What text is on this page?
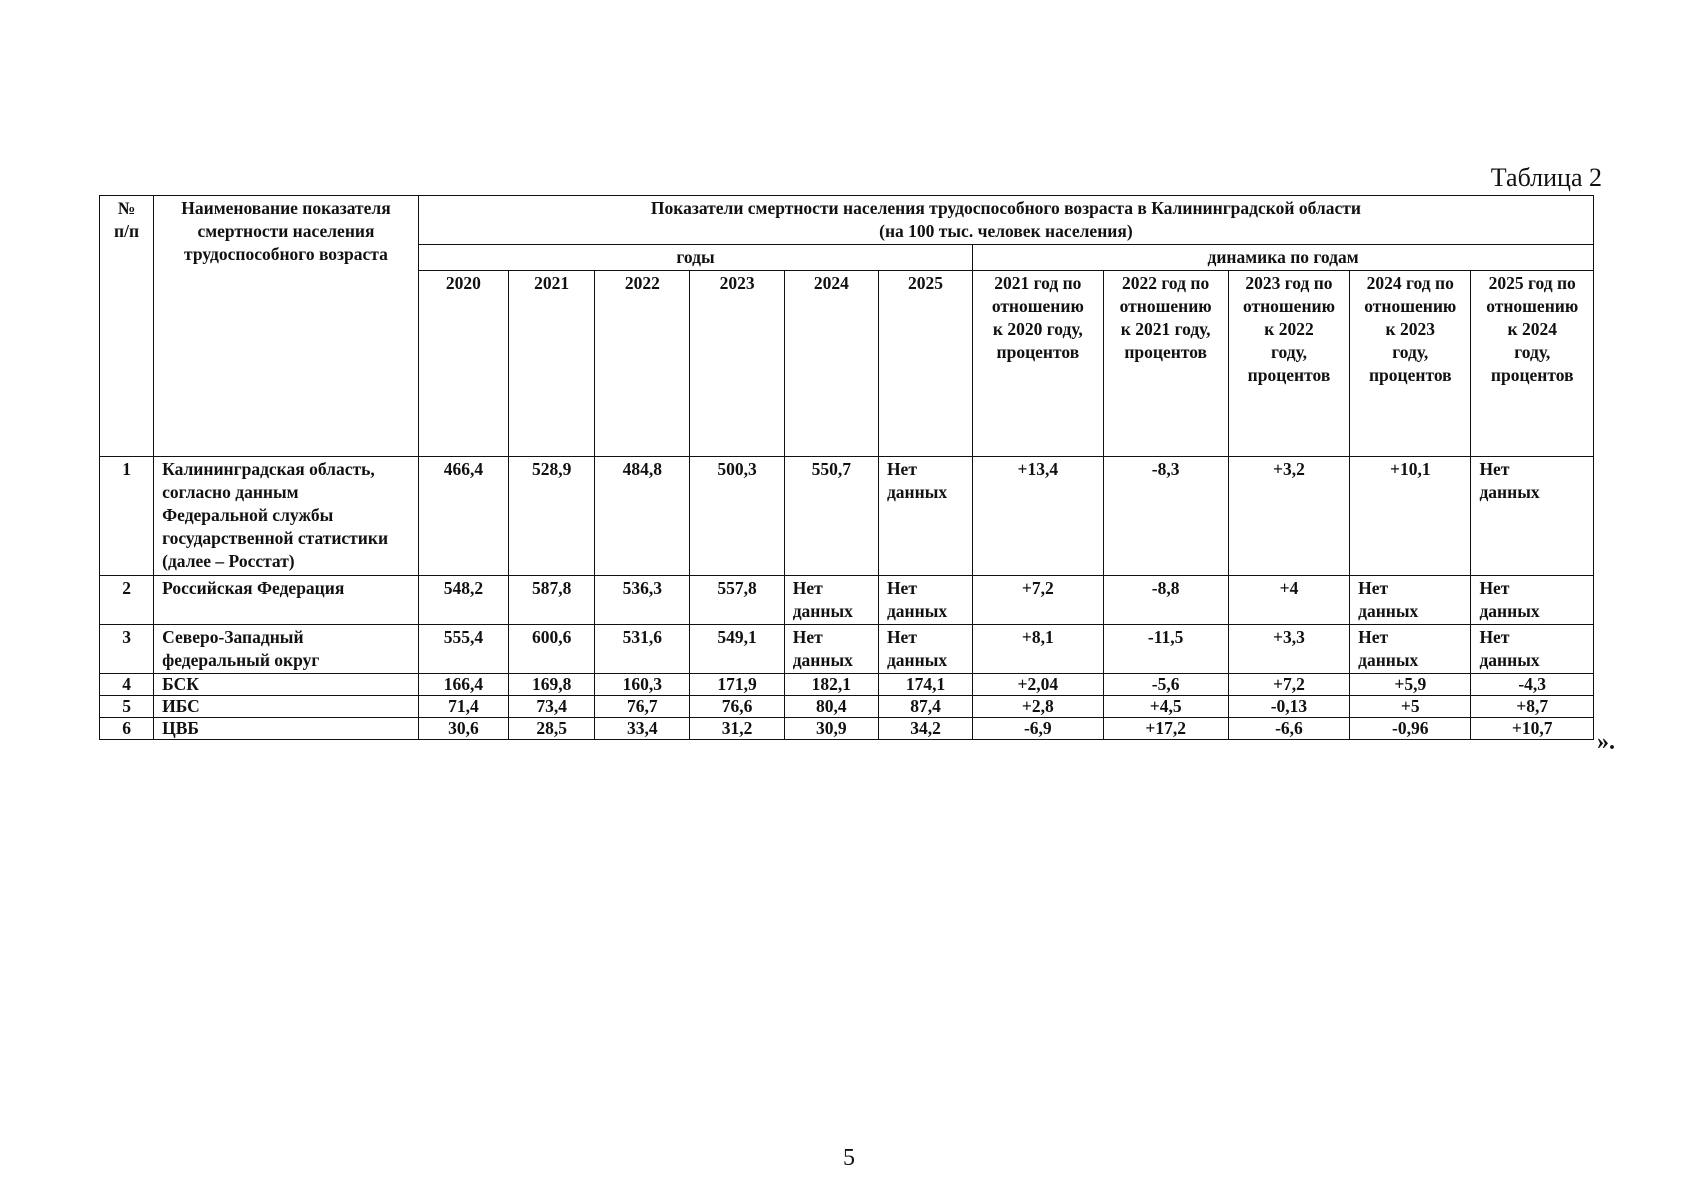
Таблица 2
№
п/п	Наименование показателя
смертности населения
трудоспособного возраста	Показатели смертности населения трудоспособного возраста в Калининградской области
(на 100 тыс. человек населения)										
		годы						динамика по годам				
		2020	2021	2022	2023	2024	2025	2021 год по
отношению
к 2020 году,
процентов	2022 год по
отношению
к 2021 году,
процентов	2023 год по
отношению
к 2022
году,
процентов	2024 год по
отношению
к 2023
году,
процентов	2025 год по
отношению
к 2024
году,
процентов
1	Калининградская область,
согласно данным
Федеральной службы
государственной статистики
(далее – Росстат)	466,4	528,9	484,8	500,3	550,7	Нет
данных	+13,4	-8,3	+3,2	+10,1	Нет
данных
2	Российская Федерация	548,2	587,8	536,3	557,8	Нет
данных	Нет
данных	+7,2	-8,8	+4	Нет
данных	Нет
данных
3	Северо-Западный
федеральный округ	555,4	600,6	531,6	549,1	Нет
данных	Нет
данных	+8,1	-11,5	+3,3	Нет
данных	Нет
данных
4	БСК	166,4	169,8	160,3	171,9	182,1	174,1	+2,04	-5,6	+7,2	+5,9	-4,3
5	ИБС	71,4	73,4	76,7	76,6	80,4	87,4	+2,8	+4,5	-0,13	+5	+8,7
6	ЦВБ	30,6	28,5	33,4	31,2	30,9	34,2	-6,9	+17,2	-6,6	-0,96	+10,7
».
5
